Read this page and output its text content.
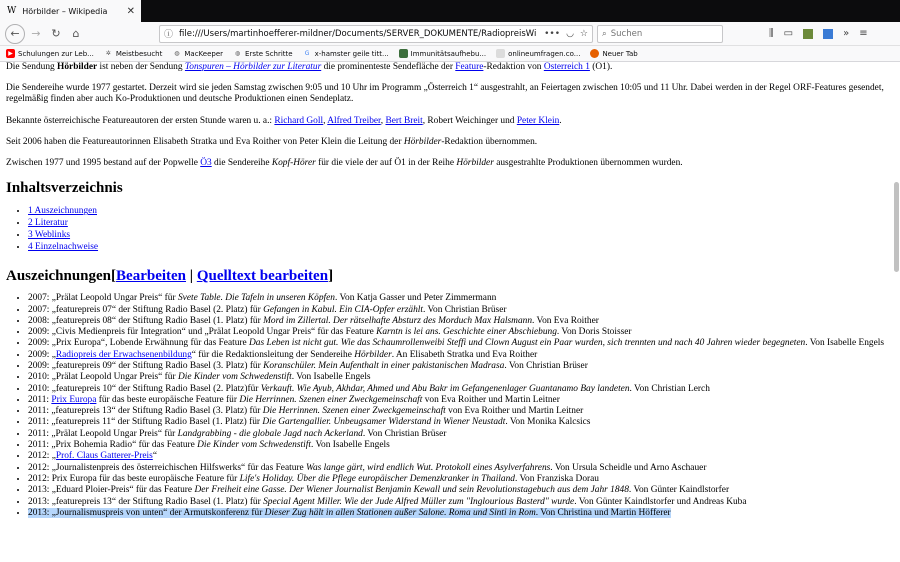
W Hörbilder – Wikipedia	✕
←	→ ↻	⌂	ⓘ file:///Users/martinhoefferer-mildner/Documents/SERVER_DOKUMENTE/RadiopreisWi ••• ◡ ☆ ⌕ Suchen	⫼ ▭	» ≡
▶ Schulungen zur Leb...	✲ Meistbesucht	◍ MacKeeper	◍ Erste Schritte	G x-hamster geile titt...	Immunitätsaufhebu...	onlineumfragen.co...	Neuer Tab

Die Sendung Hörbilder ist neben der Sendung Tonspuren – Hörbilder zur Literatur die prominenteste Sendefläche der Feature-Redaktion von Österreich 1 (Ö1).

Die Sendereihe wurde 1977 gestartet. Derzeit wird sie jeden Samstag zwischen 9:05 und 10 Uhr im Programm „Österreich 1“ ausgestrahlt, an Feiertagen zwischen 10:05 und 11 Uhr. Dabei werden in der Regel ORF-Features gesendet, regelmäßig finden aber auch Ko-Produktionen und deutsche Produktionen einen Sendeplatz.

Bekannte österreichische Featureautoren der ersten Stunde waren u. a.: Richard Goll, Alfred Treiber, Bert Breit, Robert Weichinger und Peter Klein.

Seit 2006 haben die Featureautorinnen Elisabeth Stratka und Eva Roither von Peter Klein die Leitung der Hörbilder-Redaktion übernommen.

Zwischen 1977 und 1995 bestand auf der Popwelle Ö3 die Sendereihe Kopf-Hörer für die viele der auf Ö1 in der Reihe Hörbilder ausgestrahlte Produktionen übernommen wurden.

Inhaltsverzeichnis
• 1 Auszeichnungen
• 2 Literatur
• 3 Weblinks
• 4 Einzelnachweise
Auszeichnungen[Bearbeiten | Quelltext bearbeiten]
• 2007: „Prälat Leopold Ungar Preis“ für Svete Table. Die Tafeln in unseren Köpfen. Von Katja Gasser und Peter Zimmermann
• 2007: „featurepreis 07“ der Stiftung Radio Basel (2. Platz) für Gefangen in Kabul. Ein CIA-Opfer erzählt. Von Christian Brüser
• 2008: „featurepreis 08“ der Stiftung Radio Basel (1. Platz) für Mord im Zillertal. Der rätselhafte Absturz des Morduch Max Halsmann. Von Eva Roither
• 2009: „Civis Medienpreis für Integration“ und „Prälat Leopold Ungar Preis“ für das Feature Karntn is lei ans. Geschichte einer Abschiebung. Von Doris Stoisser
• 2009: „Prix Europa“, Lobende Erwähnung für das Feature Das Leben ist nicht gut. Wie das Schaumrollenweibi Steffi und Clown August ein Paar wurden, sich trennten und nach 40 Jahren wieder begegneten. Von Isabelle Engels
• 2009: „Radiopreis der Erwachsenenbildung“ für die Redaktionsleitung der Sendereihe Hörbilder. An Elisabeth Stratka und Eva Roither
• 2009: „featurepreis 09“ der Stiftung Radio Basel (3. Platz) für Koranschüler. Mein Aufenthalt in einer pakistanischen Madrasa. Von Christian Brüser
• 2010: „Prälat Leopold Ungar Preis“ für Die Kinder vom Schwedenstift. Von Isabelle Engels
• 2010: „featurepreis 10“ der Stiftung Radio Basel (2. Platz)für Verkauft. Wie Ayub, Akhdar, Ahmed und Abu Bakr im Gefangenenlager Guantanamo Bay landeten. Von Christian Lerch
• 2011: Prix Europa für das beste europäische Feature für Die Herrinnen. Szenen einer Zweckgemeinschaft von Eva Roither und Martin Leitner
• 2011: „featurepreis 13“ der Stiftung Radio Basel (3. Platz) für Die Herrinnen. Szenen einer Zweckgemeinschaft von Eva Roither und Martin Leitner
• 2011: „featurepreis 11“ der Stiftung Radio Basel (1. Platz) für Die Gartengallier. Unbeugsamer Widerstand in Wiener Neustadt. Von Monika Kalcsics
• 2011: „Prälat Leopold Ungar Preis“ für Landgrabbing - die globale Jagd nach Ackerland. Von Christian Brüser
• 2011: „Prix Bohemia Radio“ für das Feature Die Kinder vom Schwedenstift. Von Isabelle Engels
• 2012: „Prof. Claus Gatterer-Preis“
• 2012: „Journalistenpreis des österreichischen Hilfswerks“ für das Feature Was lange gärt, wird endlich Wut. Protokoll eines Asylverfahrens. Von Ursula Scheidle und Arno Aschauer
• 2012: Prix Europa für das beste europäische Feature für Life's Holiday. Über die Pflege europäischer Demenzkranker in Thailand. Von Franziska Dorau
• 2013: „Eduard Ploier-Preis“ für das Feature Der Freiheit eine Gasse. Der Wiener Journalist Benjamin Kewall und sein Revolutionstagebuch aus dem Jahr 1848. Von Günter Kaindlstorfer
• 2013: „featurepreis 13“ der Stiftung Radio Basel (1. Platz) für Special Agent Miller. Wie der Jude Alfred Müller zum "Inglourious Basterd" wurde. Von Günter Kaindlstorfer und Andreas Kuba
• 2013: „Journalismuspreis von unten“ der Armutskonferenz für Dieser Zug hält in allen Stationen außer Salone. Roma und Sinti in Rom. Von Christina und Martin Höfferer
